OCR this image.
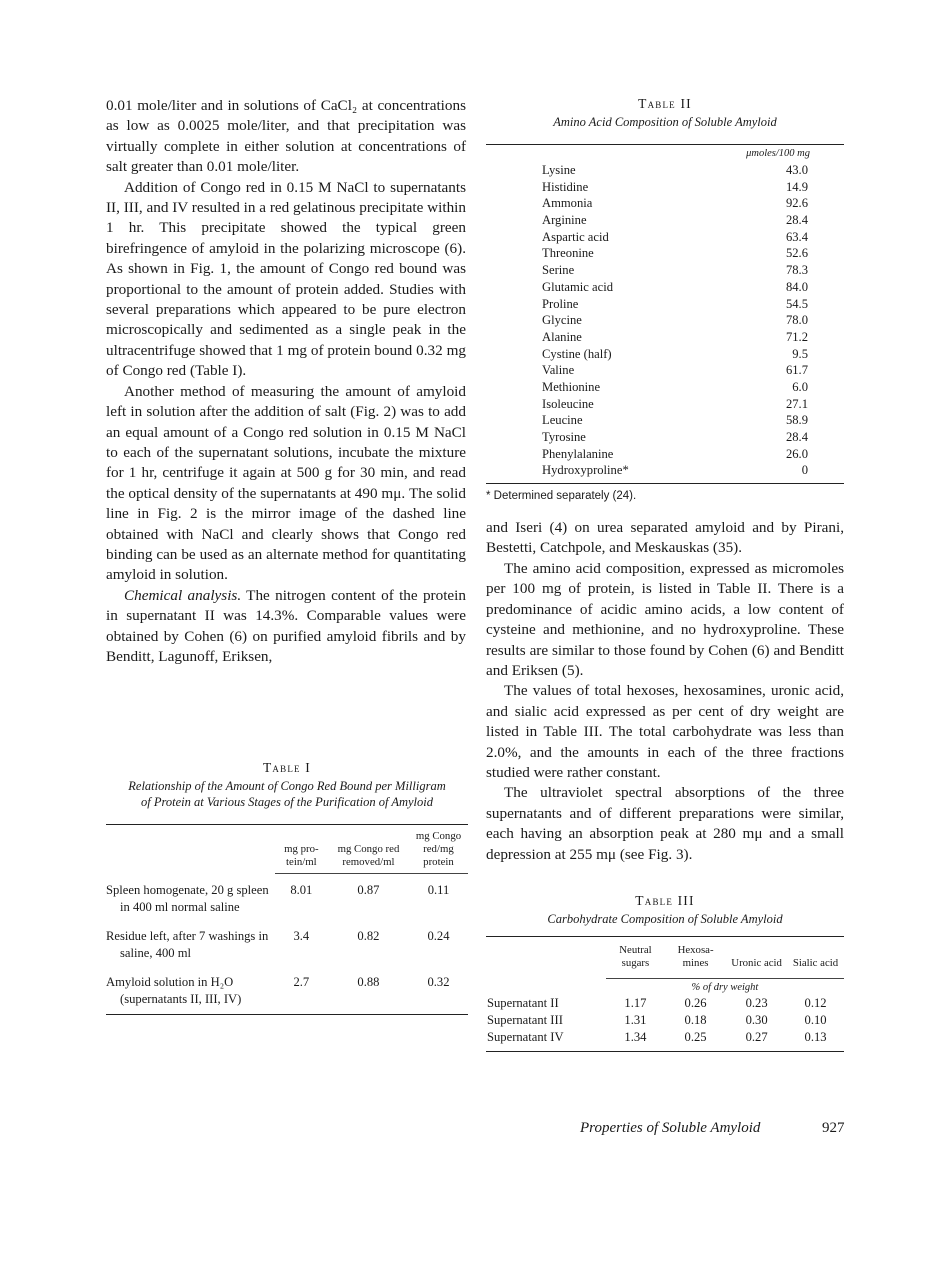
0.01 mole/liter and in solutions of CaCl₂ at concentrations as low as 0.0025 mole/liter, and that precipitation was virtually complete in either solution at concentrations of salt greater than 0.01 mole/liter.

Addition of Congo red in 0.15 M NaCl to supernatants II, III, and IV resulted in a red gelatinous precipitate within 1 hr. This precipitate showed the typical green birefringence of amyloid in the polarizing microscope (6). As shown in Fig. 1, the amount of Congo red bound was proportional to the amount of protein added. Studies with several preparations which appeared to be pure electron microscopically and sedimented as a single peak in the ultracentrifuge showed that 1 mg of protein bound 0.32 mg of Congo red (Table I).

Another method of measuring the amount of amyloid left in solution after the addition of salt (Fig. 2) was to add an equal amount of a Congo red solution in 0.15 M NaCl to each of the supernatant solutions, incubate the mixture for 1 hr, centrifuge it again at 500 g for 30 min, and read the optical density of the supernatants at 490 mμ. The solid line in Fig. 2 is the mirror image of the dashed line obtained with NaCl and clearly shows that Congo red binding can be used as an alternate method for quantitating amyloid in solution.

Chemical analysis. The nitrogen content of the protein in supernatant II was 14.3%. Comparable values were obtained by Cohen (6) on purified amyloid fibrils and by Benditt, Lagunoff, Eriksen,

Table I

Relationship of the Amount of Congo Red Bound per Milligram of Protein at Various Stages of the Purification of Amyloid

	mg pro-tein/ml	mg Congo red removed/ml	mg Congo red/mg protein

Spleen homogenate, 20 g spleen in 400 ml normal saline	8.01	0.87	0.11

Residue left, after 7 washings in saline, 400 ml	3.4	0.82	0.24

Amyloid solution in H₂O (supernatants II, III, IV)	2.7	0.88	0.32

Table II

Amino Acid Composition of Soluble Amyloid

μmoles/100 mg
Lysine	43.0
Histidine	14.9
Ammonia	92.6
Arginine	28.4
Aspartic acid	63.4
Threonine	52.6
Serine	78.3
Glutamic acid	84.0
Proline	54.5
Glycine	78.0
Alanine	71.2
Cystine (half)	9.5
Valine	61.7
Methionine	6.0
Isoleucine	27.1
Leucine	58.9
Tyrosine	28.4
Phenylalanine	26.0
Hydroxyproline*	0
* Determined separately (24).

and Iseri (4) on urea separated amyloid and by Pirani, Bestetti, Catchpole, and Meskauskas (35).

The amino acid composition, expressed as micromoles per 100 mg of protein, is listed in Table II. There is a predominance of acidic amino acids, a low content of cysteine and methionine, and no hydroxyproline. These results are similar to those found by Cohen (6) and Benditt and Eriksen (5).

The values of total hexoses, hexosamines, uronic acid, and sialic acid expressed as per cent of dry weight are listed in Table III. The total carbohydrate was less than 2.0%, and the amounts in each of the three fractions studied were rather constant.

The ultraviolet spectral absorptions of the three supernatants and of different preparations were similar, each having an absorption peak at 280 mμ and a small depression at 255 mμ (see Fig. 3).

Table III

Carbohydrate Composition of Soluble Amyloid

	Neutral sugars	Hexosa-mines	Uronic acid	Sialic acid

	% of dry weight			
Supernatant II	1.17	0.26	0.23	0.12
Supernatant III	1.31	0.18	0.30	0.10
Supernatant IV	1.34	0.25	0.27	0.13
Properties of Soluble Amyloid	927
